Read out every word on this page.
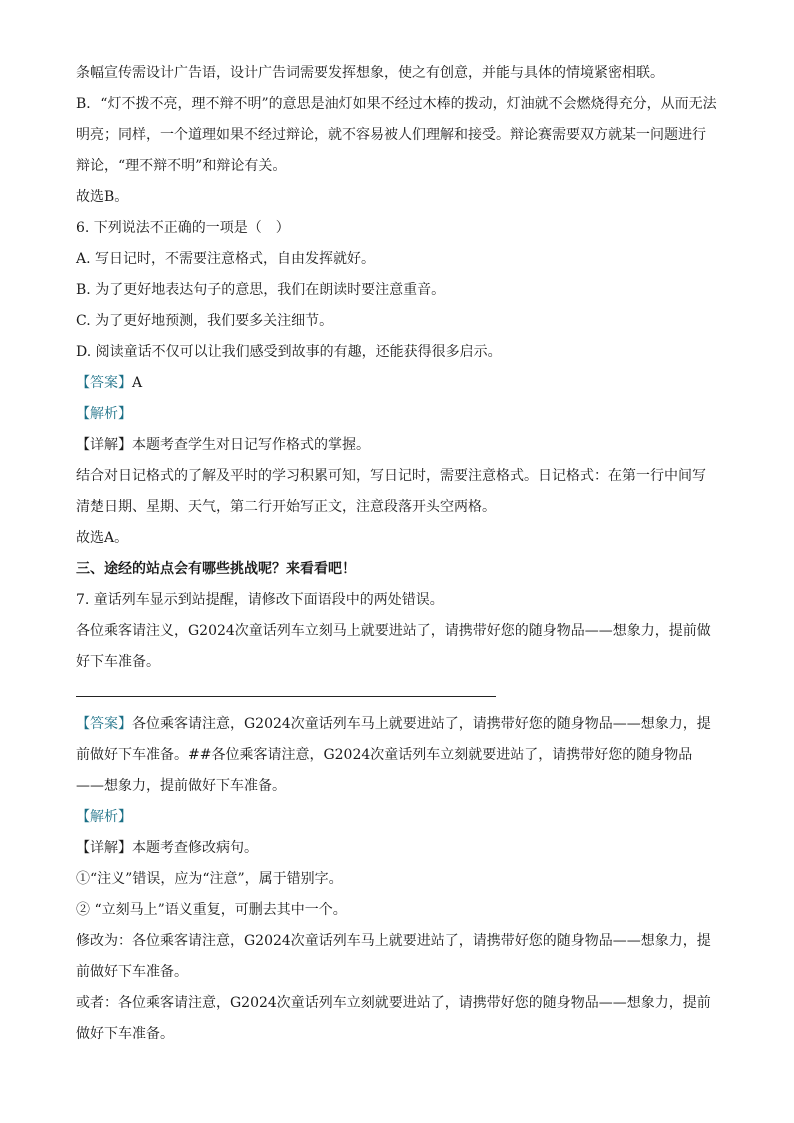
条幅宣传需设计广告语，设计广告词需要发挥想象，使之有创意，并能与具体的情境紧密相联。

B．“灯不拨不亮，理不辩不明”的意思是油灯如果不经过木棒的拨动，灯油就不会燃烧得充分，从而无法明亮；同样，一个道理如果不经过辩论，就不容易被人们理解和接受。辩论赛需要双方就某一问题进行辩论，“理不辩不明”和辩论有关。

故选B。

6. 下列说法不正确的一项是（　）

A. 写日记时，不需要注意格式，自由发挥就好。

B. 为了更好地表达句子的意思，我们在朗读时要注意重音。

C. 为了更好地预测，我们要多关注细节。

D. 阅读童话不仅可以让我们感受到故事的有趣，还能获得很多启示。

【答案】A

【解析】

【详解】本题考查学生对日记写作格式的掌握。

结合对日记格式的了解及平时的学习积累可知，写日记时，需要注意格式。日记格式：在第一行中间写清楚日期、星期、天气，第二行开始写正文，注意段落开头空两格。

故选A。

三、途经的站点会有哪些挑战呢？来看看吧！

7. 童话列车显示到站提醒，请修改下面语段中的两处错误。

各位乘客请注义，G2024次童话列车立刻马上就要进站了，请携带好您的随身物品——想象力，提前做好下车准备。

【答案】各位乘客请注意，G2024次童话列车马上就要进站了，请携带好您的随身物品——想象力，提前做好下车准备。##各位乘客请注意，G2024次童话列车立刻就要进站了，请携带好您的随身物品——想象力，提前做好下车准备。

【解析】

【详解】本题考查修改病句。

①“注义”错误，应为“注意”，属于错别字。

② “立刻马上”语义重复，可删去其中一个。

修改为：各位乘客请注意，G2024次童话列车马上就要进站了，请携带好您的随身物品——想象力，提前做好下车准备。

或者：各位乘客请注意，G2024次童话列车立刻就要进站了，请携带好您的随身物品——想象力，提前做好下车准备。
